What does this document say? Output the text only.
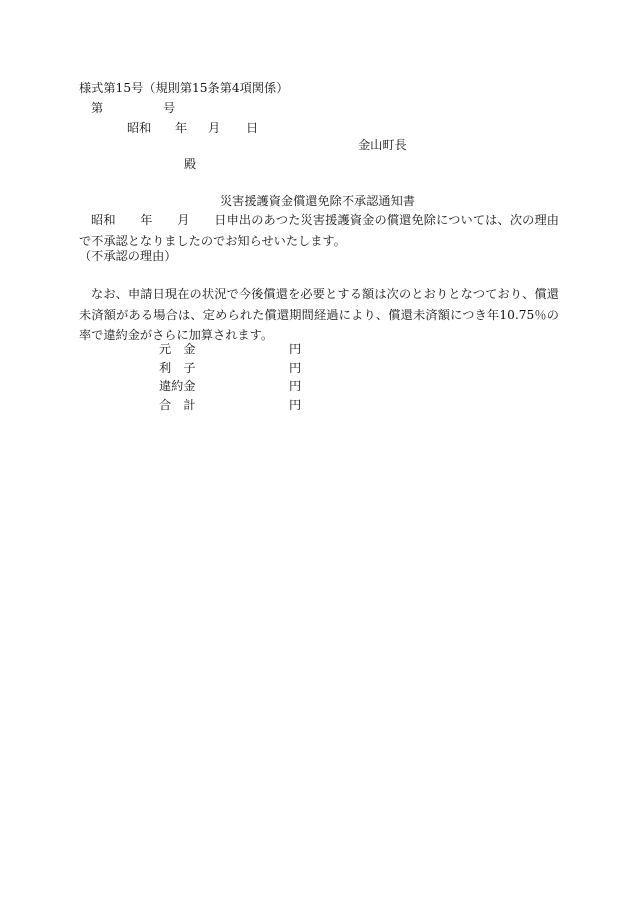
様式第15号（規則第15条第4項関係）

第	号

昭和 年 月 日

金山町長

殿

災害援護資金償還免除不承認通知書

昭和　　年　　月　　日申出のあつた災害援護資金の償還免除については、次の理由で不承認となりましたのでお知らせいたします。

（不承認の理由）

なお、申請日現在の状況で今後償還を必要とする額は次のとおりとなつており、償還未済額がある場合は、定められた償還期間経過により、償還未済額につき年10.75％の率で違約金がさらに加算されます。

元　金	円

利　子	円

違約金	円

合　計	円
